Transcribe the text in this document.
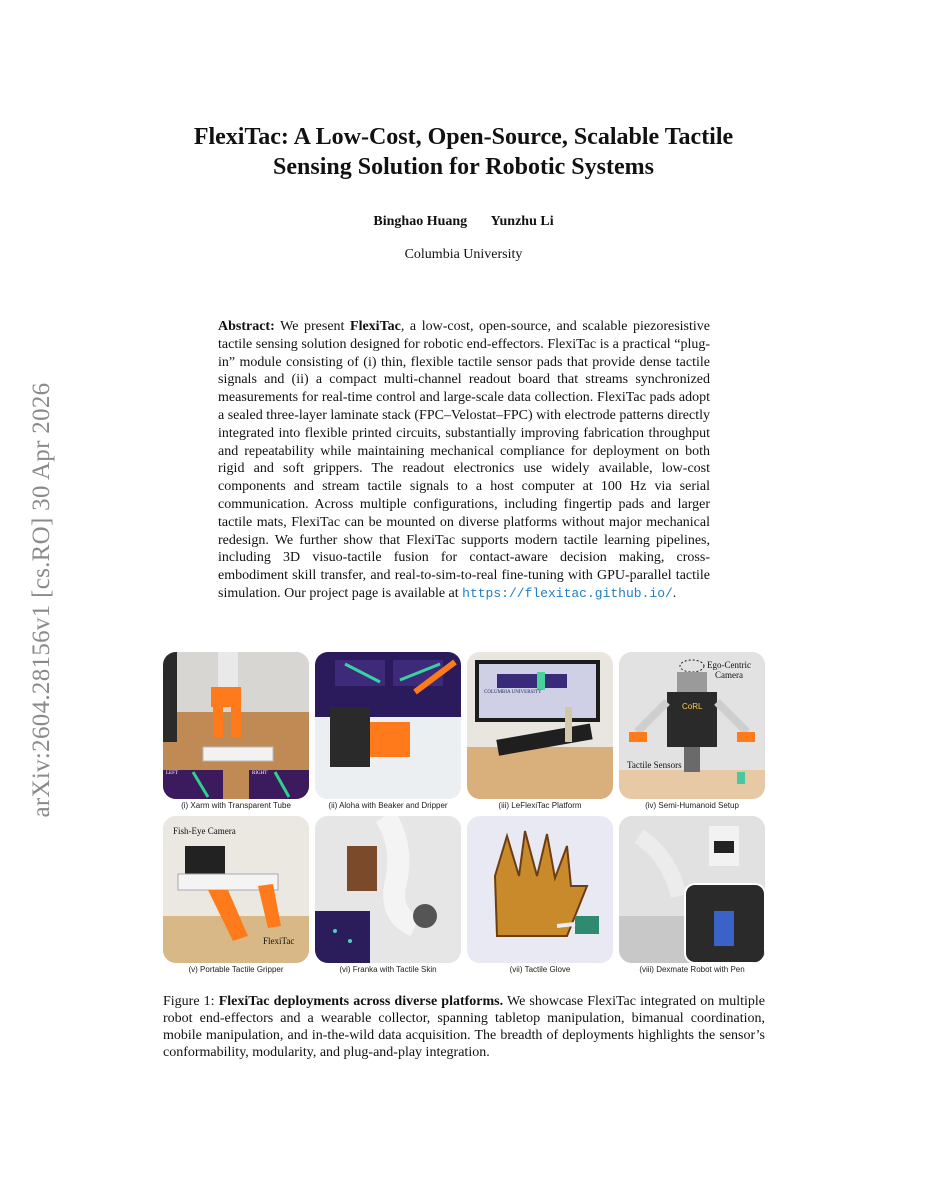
arXiv:2604.28156v1 [cs.RO] 30 Apr 2026
FlexiTac: A Low-Cost, Open-Source, Scalable Tactile
Sensing Solution for Robotic Systems
Binghao Huang Yunzhu Li
Columbia University
Abstract: We present FlexiTac, a low-cost, open-source, and scalable piezoresistive tactile sensing solution designed for robotic end-effectors. FlexiTac is a practical “plug-in” module consisting of (i) thin, flexible tactile sensor pads that provide dense tactile signals and (ii) a compact multi-channel readout board that streams synchronized measurements for real-time control and large-scale data collection. FlexiTac pads adopt a sealed three-layer laminate stack (FPC–Velostat–FPC) with electrode patterns directly integrated into flexible printed circuits, substantially improving fabrication throughput and repeatability while maintaining mechanical compliance for deployment on both rigid and soft grippers. The readout electronics use widely available, low-cost components and stream tactile signals to a host computer at 100 Hz via serial communication. Across multiple configurations, including fingertip pads and larger tactile mats, FlexiTac can be mounted on diverse platforms without major mechanical redesign. We further show that FlexiTac supports modern tactile learning pipelines, including 3D visuo-tactile fusion for contact-aware decision making, cross-embodiment skill transfer, and real-to-sim-to-real fine-tuning with GPU-parallel tactile simulation. Our project page is available at https://flexitac.github.io/.
LEFT	RIGHT
(i) Xarm with Transparent Tube	(ii) Aloha with Beaker and Dripper
COLUMBIA UNIVERSITY
(iii) LeFlexiTac Platform
Ego-Centric
Camera
Tactile Sensors
CoRL
(iv) Semi-Humanoid Setup
Fish-Eye Camera
FlexiTac
(v) Portable Tactile Gripper	(vi) Franka with Tactile Skin	(vii) Tactile Glove	(viii) Dexmate Robot with Pen
Figure 1: FlexiTac deployments across diverse platforms. We showcase FlexiTac integrated on multiple robot end-effectors and a wearable collector, spanning tabletop manipulation, bimanual coordination, mobile manipulation, and in-the-wild data acquisition. The breadth of deployments highlights the sensor’s conformability, modularity, and plug-and-play integration.
